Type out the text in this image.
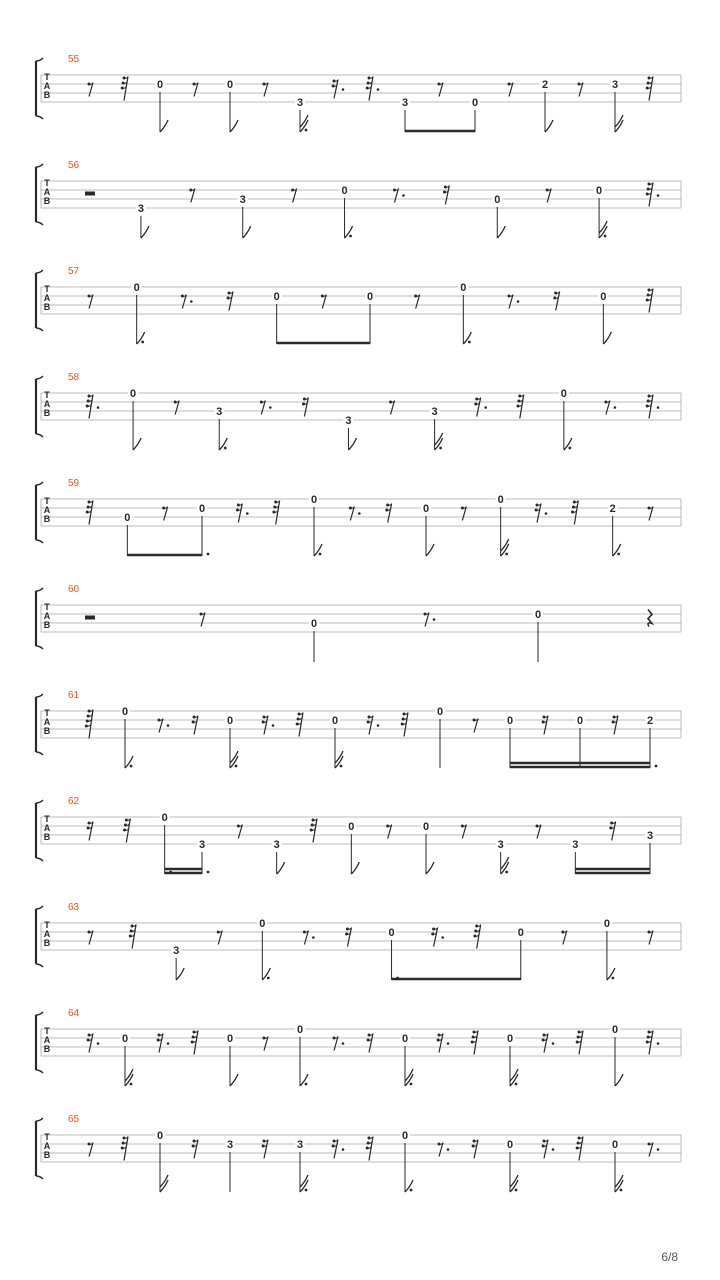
T
A
B
55
0	0
3	3	0
2	3
T
A
B
56
3
3
0
0
0
T
A
B
57
0
0	0
0
0
T
A
B
58
0
3
3
3
0
T
A
B
59
0
0
0
0
0
2
T
A
B
60
0
0
T
A
B
61
0
0	0
0
0	0	2
T
A
B
62
0
3	3
0	0
3	3
3
T
A
B
63
3
0
0	0
0
T
A
B
64
0	0
0
0	0
0
T
A
B
65
0
3	3
0
0	0
6/8
